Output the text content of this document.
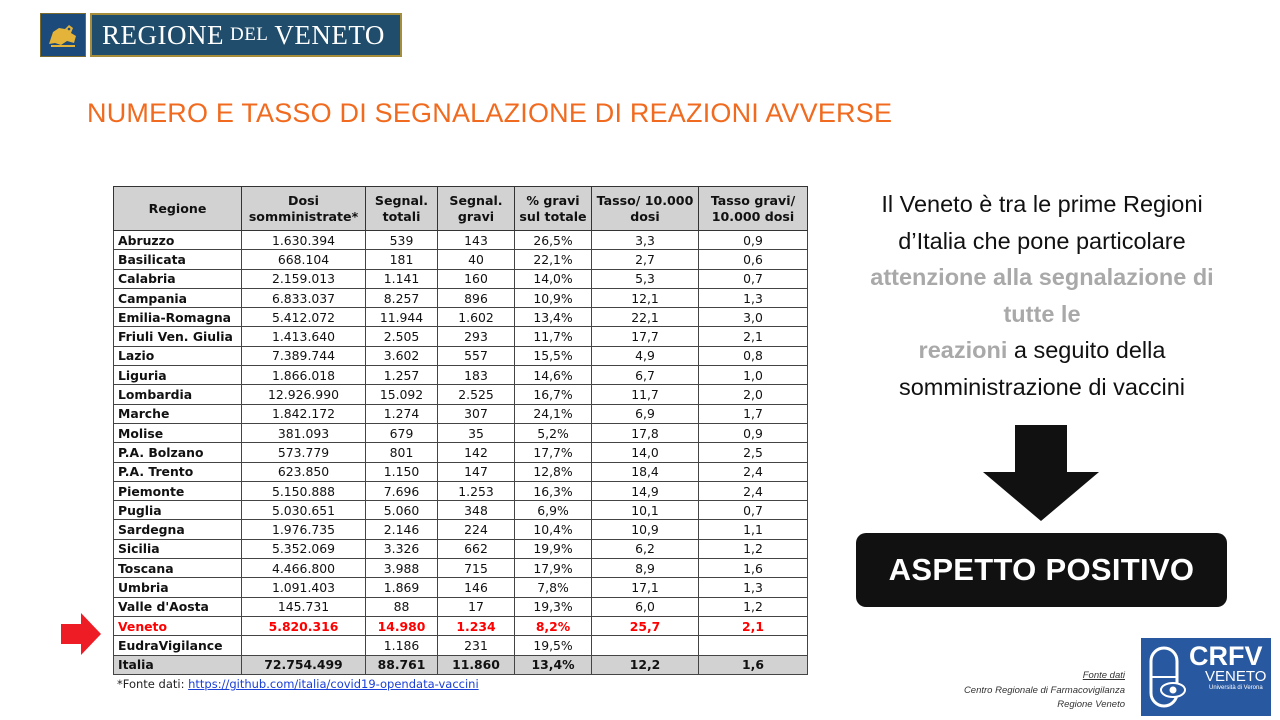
REGIONE DEL VENETO
NUMERO E TASSO DI SEGNALAZIONE DI REAZIONI AVVERSE
Regione	Dosi somministrate*	Segnal. totali	Segnal. gravi	% gravi sul totale	Tasso/ 10.000 dosi	Tasso gravi/ 10.000 dosi
Abruzzo	1.630.394	539	143	26,5%	3,3	0,9
Basilicata	668.104	181	40	22,1%	2,7	0,6
Calabria	2.159.013	1.141	160	14,0%	5,3	0,7
Campania	6.833.037	8.257	896	10,9%	12,1	1,3
Emilia-Romagna	5.412.072	11.944	1.602	13,4%	22,1	3,0
Friuli Ven. Giulia	1.413.640	2.505	293	11,7%	17,7	2,1
Lazio	7.389.744	3.602	557	15,5%	4,9	0,8
Liguria	1.866.018	1.257	183	14,6%	6,7	1,0
Lombardia	12.926.990	15.092	2.525	16,7%	11,7	2,0
Marche	1.842.172	1.274	307	24,1%	6,9	1,7
Molise	381.093	679	35	5,2%	17,8	0,9
P.A. Bolzano	573.779	801	142	17,7%	14,0	2,5
P.A. Trento	623.850	1.150	147	12,8%	18,4	2,4
Piemonte	5.150.888	7.696	1.253	16,3%	14,9	2,4
Puglia	5.030.651	5.060	348	6,9%	10,1	0,7
Sardegna	1.976.735	2.146	224	10,4%	10,9	1,1
Sicilia	5.352.069	3.326	662	19,9%	6,2	1,2
Toscana	4.466.800	3.988	715	17,9%	8,9	1,6
Umbria	1.091.403	1.869	146	7,8%	17,1	1,3
Valle d'Aosta	145.731	88	17	19,3%	6,0	1,2
Veneto	5.820.316	14.980	1.234	8,2%	25,7	2,1
EudraVigilance		1.186	231	19,5%		
Italia	72.754.499	88.761	11.860	13,4%	12,2	1,6
*Fonte dati: https://github.com/italia/covid19-opendata-vaccini
Il Veneto è tra le prime Regioni d’Italia che pone particolare attenzione alla segnalazione di tutte le
reazioni a seguito della somministrazione di vaccini
ASPETTO POSITIVO
Fonte dati
Centro Regionale di Farmacovigilanza
Regione Veneto
CRFV
VENETO
Università di Verona
